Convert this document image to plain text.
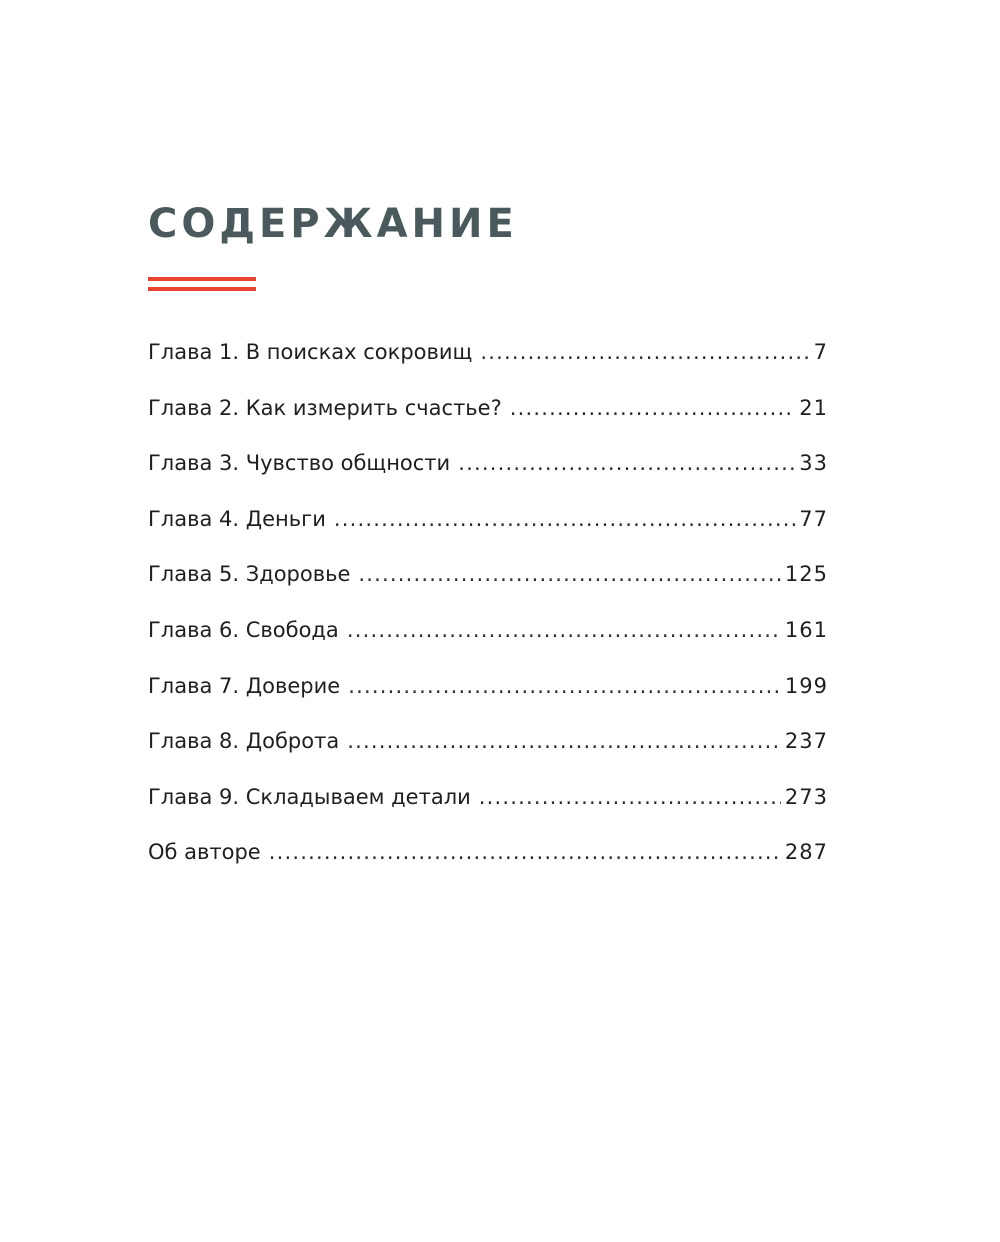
СОДЕРЖАНИЕ
Глава 1. В поисках сокровищ .....	7
Глава 2. Как измерить счастье? .....	21
Глава 3. Чувство общности .....	33
Глава 4. Деньги .....	77
Глава 5. Здоровье .....	125
Глава 6. Свобода .....	161
Глава 7. Доверие .....	199
Глава 8. Доброта .....	237
Глава 9. Складываем детали .....	273
Об авторе .....	287
